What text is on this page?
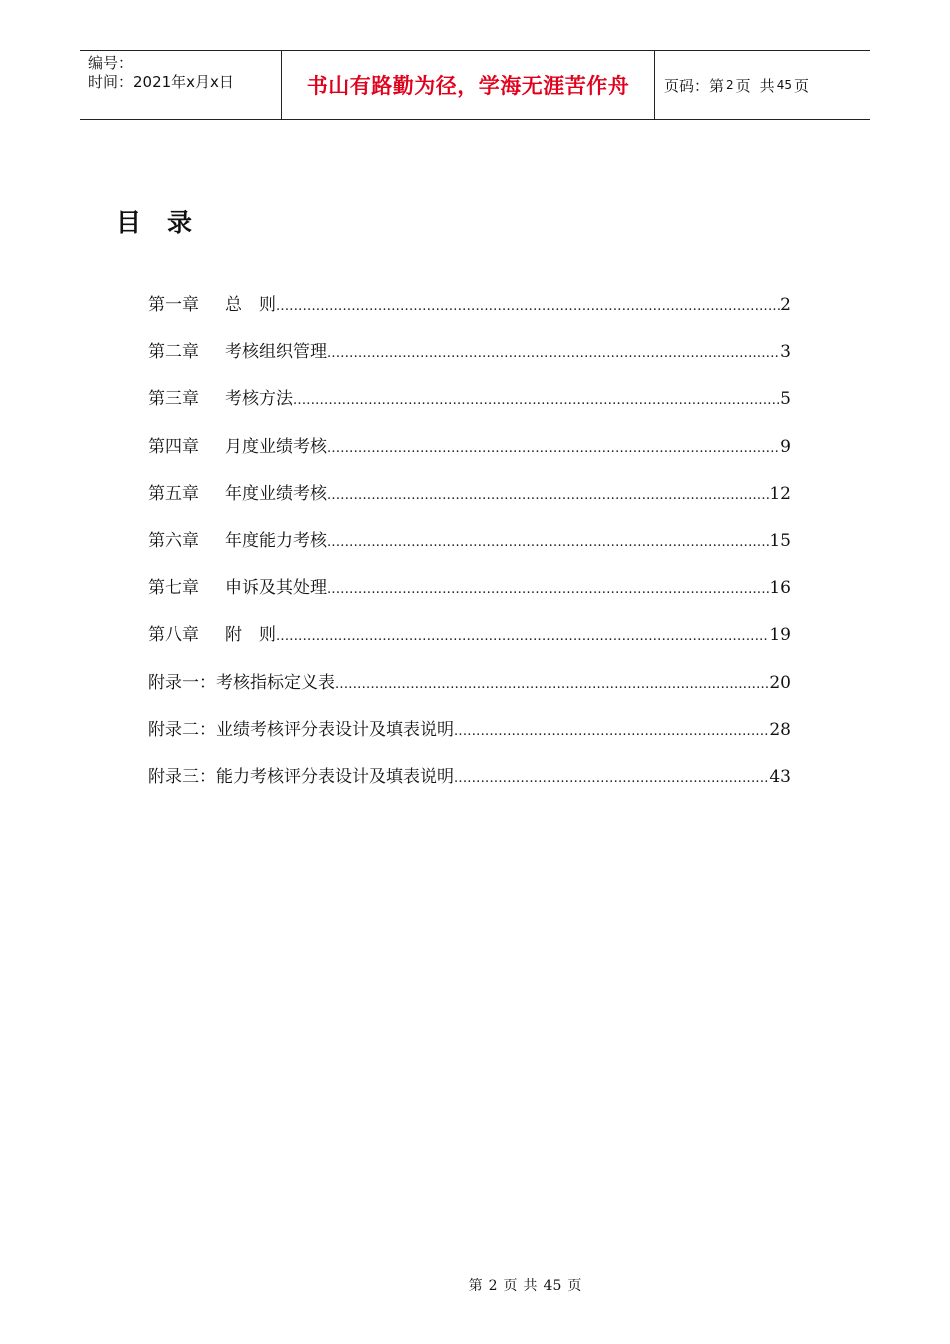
编号：
时间：2021年x月x日	书山有路勤为径，学海无涯苦作舟	页码：第 2 页 共 45 页
目录
第一章 总　则 .....	2
第二章 考核组织管理 .....	3
第三章 考核方法 .....	5
第四章 月度业绩考核 .....	9
第五章 年度业绩考核 .....	12
第六章 年度能力考核 .....	15
第七章 申诉及其处理 .....	16
第八章 附　则 .....	19
附录一： 考核指标定义表 .....	20
附录二： 业绩考核评分表设计及填表说明 .....	28
附录三： 能力考核评分表设计及填表说明 .....	43
第 2 页 共 45 页
